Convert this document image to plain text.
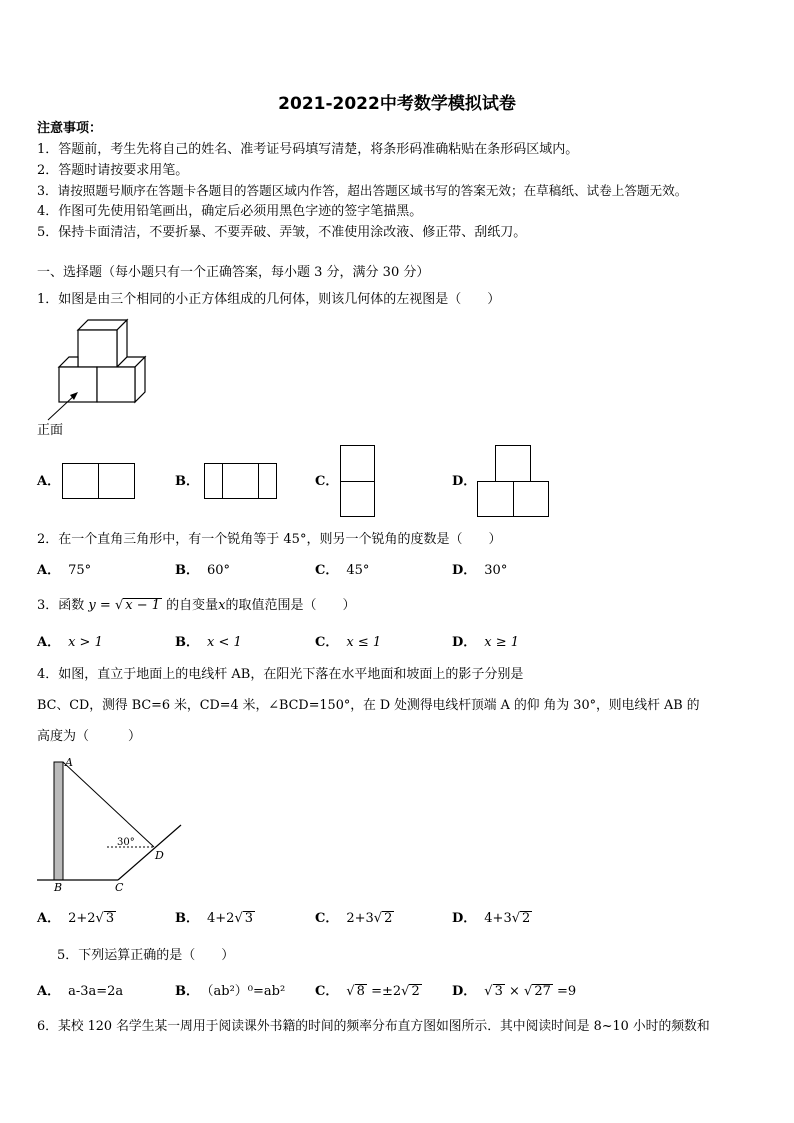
2021-2022中考数学模拟试卷
注意事项：
1．答题前，考生先将自己的姓名、准考证号码填写清楚，将条形码准确粘贴在条形码区域内。
2．答题时请按要求用笔。
3．请按照题号顺序在答题卡各题目的答题区域内作答，超出答题区域书写的答案无效；在草稿纸、试卷上答题无效。
4．作图可先使用铅笔画出，确定后必须用黑色字迹的签字笔描黑。
5．保持卡面清洁，不要折暴、不要弄破、弄皱，不准使用涂改液、修正带、刮纸刀。
一、选择题（每小题只有一个正确答案，每小题 3 分，满分 30 分）
1．如图是由三个相同的小正方体组成的几何体，则该几何体的左视图是（　　）
正面
A．	B．	C．	D．
2．在一个直角三角形中，有一个锐角等于 45°，则另一个锐角的度数是（　　）
A． 75°	B． 60°	C． 45°	D． 30°
3．函数 y = √ x − 1 的自变量x的取值范围是（　　）
A． x > 1	B． x < 1	C． x ≤ 1	D． x ≥ 1
4．如图，直立于地面上的电线杆 AB，在阳光下落在水平地面和坡面上的影子分别是
BC、CD，测得 BC=6 米，CD=4 米，∠BCD=150°，在 D 处测得电线杆顶端 A 的仰 角为 30°，则电线杆 AB 的
高度为（　　　）
A
B	C
D
30°
A． 2+2√ 3	B． 4+2√ 3	C． 2+3√ 2	D． 4+3√ 2
5．下列运算正确的是（　　）
A． a-3a=2a	B． （ab²）⁰=ab² C． √ 8 =±2√ 2 D． √ 3 × √ 27 =9
6．某校 120 名学生某一周用于阅读课外书籍的时间的频率分布直方图如图所示．其中阅读时间是 8~10 小时的频数和
